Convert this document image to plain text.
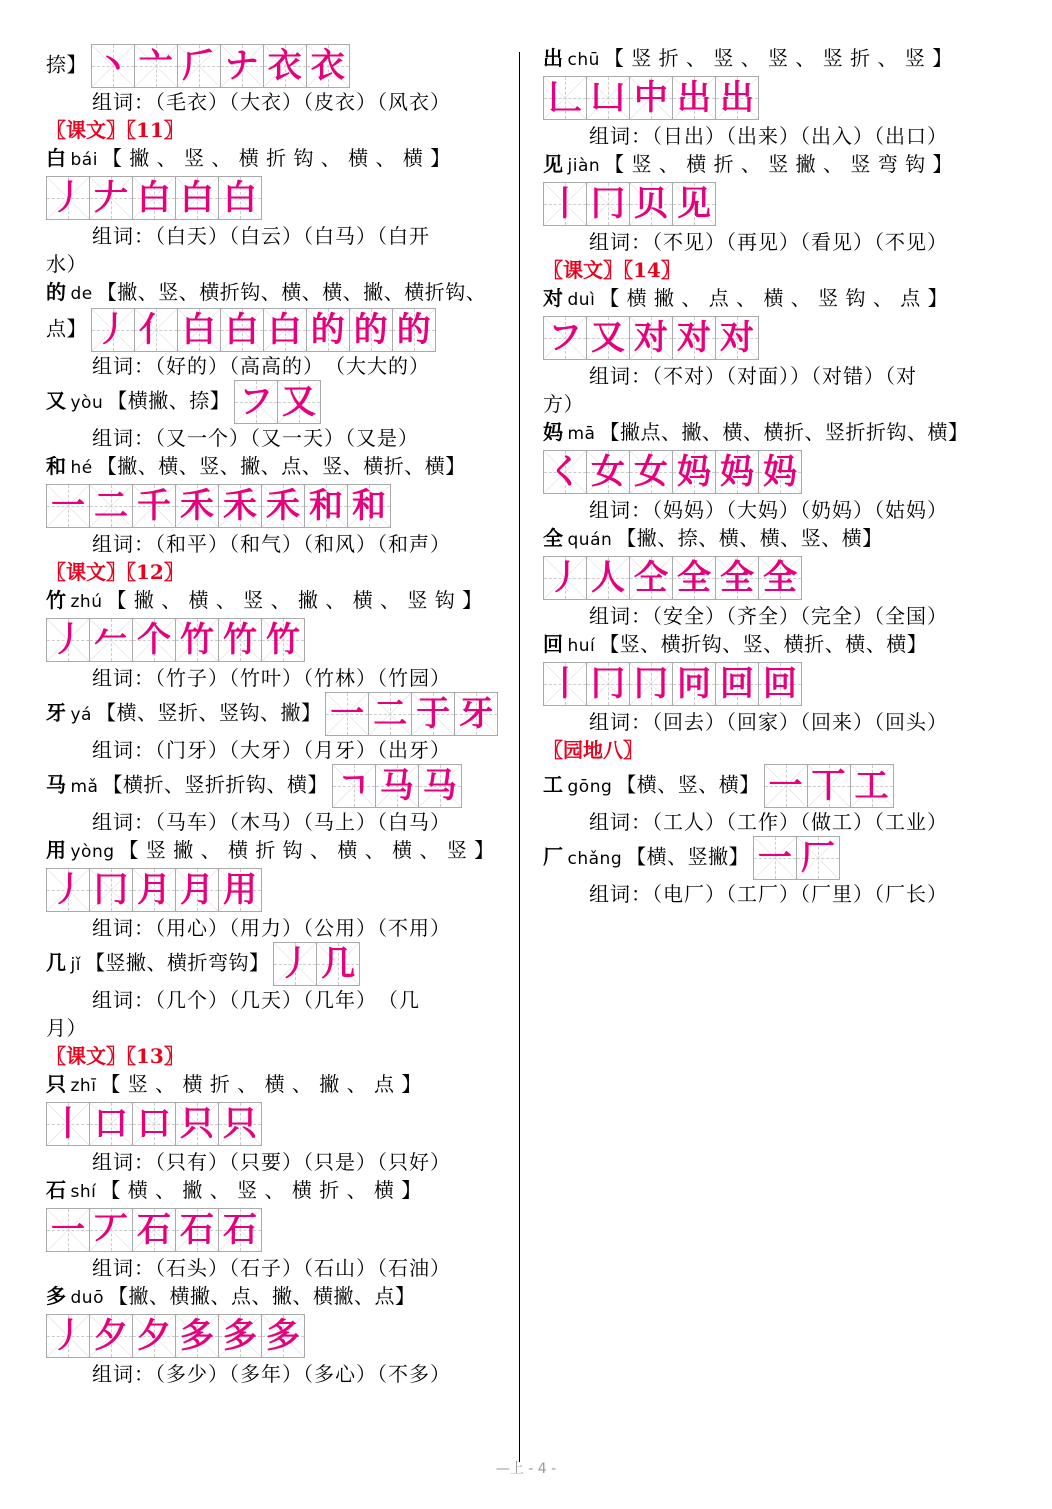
捺】 丶 亠 𠂆 ナ 衣 衣
组词：（毛衣）（大衣）（皮衣）（风衣）
〖课文〗〖11〗
白 bái 【 撇 、 竖 、 横 折 钩 、 横 、 横 】
丿 𠂇 白 白 白
组词：（白天）（白云）（白马）（白开
水）
的 de 【撇、竖、横折钩、横、横、撇、横折钩、
点】 丿 亻 白 白 白 的 的 的
组词：（好的）（高高的）　（大大的）
又 yòu 【横撇、捺】 フ 又
组词：（又一个）（又一天）（又是）
和 hé 【撇、横、竖、撇、点、竖、横折、横】
一 二 千 禾 禾 禾 和 和
组词：（和平）（和气）（和风）（和声）
〖课文〗〖12〗
竹 zhú 【 撇 、 横 、 竖 、 撇 、 横 、 竖 钩 】
丿 𠂉 个 竹 竹 竹
组词：（竹子）（竹叶）（竹林）（竹园）
牙 yá 【横、竖折、竖钩、撇】 一 二 于 牙
组词：（门牙）（大牙）（月牙）（出牙）
马 mǎ 【横折、竖折折钩、横】 ㄱ 马 马
组词：（马车）（木马）（马上）（白马）
用 yòng 【 竖 撇 、 横 折 钩 、 横 、 横 、 竖 】
丿 冂 月 月 用
组词：（用心）（用力）（公用）（不用）
几 jǐ 【竖撇、横折弯钩】 丿 几
组词：（几个）（几天）（几年）　（几
月）
〖课文〗〖13〗
只 zhī 【 竖 、 横 折 、 横 、 撇 、 点 】
丨 口 口 只 只
组词：（只有）（只要）（只是）（只好）
石 shí 【 横 、 撇 、 竖 、 横 折 、 横 】
一 丆 石 石 石
组词：（石头）（石子）（石山）（石油）
多 duō 【撇、横撇、点、撇、横撇、点】
丿 夕 夕 多 多 多
组词：（多少）（多年）（多心）（不多）
出 chū 【 竖 折 、 竖 、 竖 、 竖 折 、 竖 】
𠃊 凵 中 出 出
组词：（日出）（出来）（出入）（出口）
见 jiàn 【 竖 、 横 折 、 竖 撇 、 竖 弯 钩 】
丨 冂 贝 见
组词：（不见）（再见）（看见）（不见）
〖课文〗〖14〗
对 duì 【 横 撇 、 点 、 横 、 竖 钩 、 点 】
フ 又 对 对 对
组词：（不对）（对面））（对错）（对
方）
妈 mā 【撇点、撇、横、横折、竖折折钩、横】
く 女 女 妈 妈 妈
组词：（妈妈）（大妈）（奶妈）（姑妈）
全 quán 【撇、捺、横、横、竖、横】
丿 人 仝 全 全 全
组词：（安全）（齐全）（完全）（全国）
回 huí 【竖、横折钩、竖、横折、横、横】
丨 冂 冂 冋 回 回
组词：（回去）（回家）（回来）（回头）
〖园地八〗
工 gōng 【横、竖、横】 一 丅 工
组词：（工人）（工作）（做工）（工业）
厂 chǎng 【横、竖撇】 一 厂
组词：（电厂）（工厂）（厂里）（厂长）
—上 - 4 -
